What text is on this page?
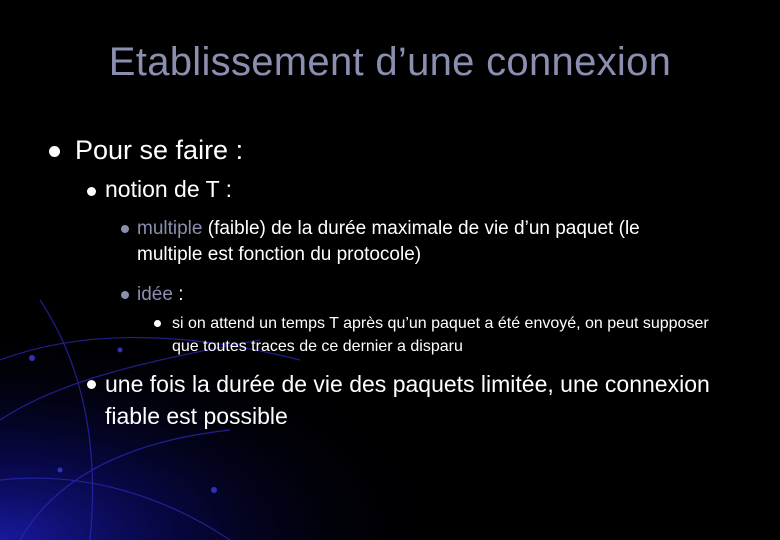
Etablissement d’une connexion
Pour se faire :
notion de T :
multiple (faible) de la durée maximale de vie d’un paquet (le multiple est fonction du protocole)
idée :
si on attend un temps T après qu’un paquet a été envoyé, on peut supposer que toutes traces de ce dernier a disparu
une fois la durée de vie des paquets limitée, une connexion fiable est possible
